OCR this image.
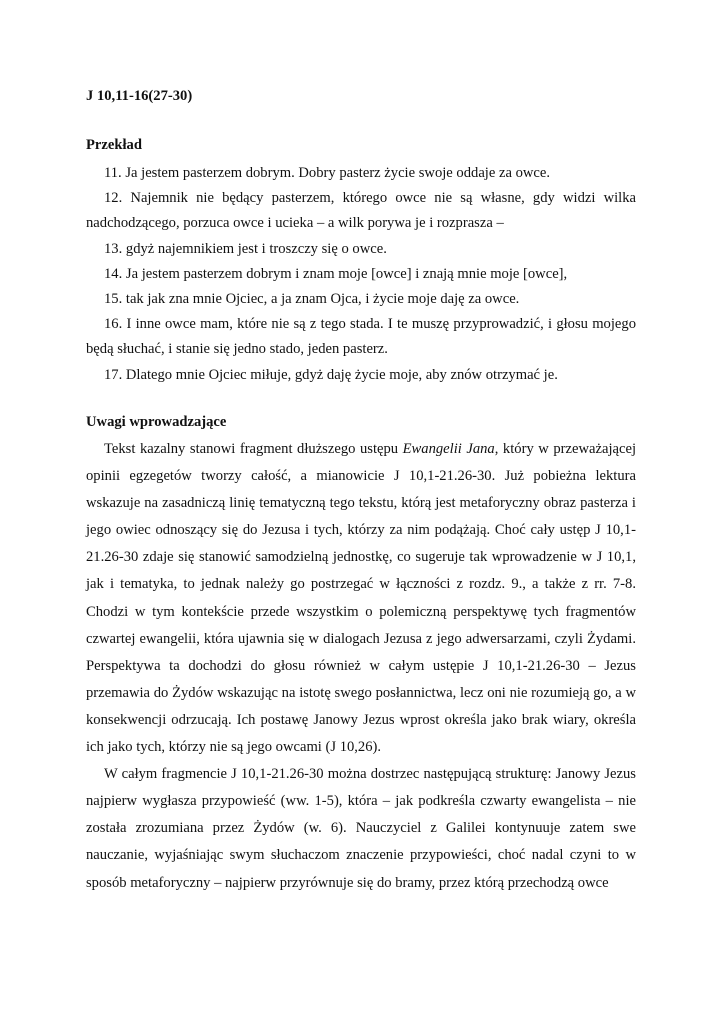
J 10,11-16(27-30)

Przekład

11. Ja jestem pasterzem dobrym. Dobry pasterz życie swoje oddaje za owce.

12. Najemnik nie będący pasterzem, którego owce nie są własne, gdy widzi wilka nadchodzącego, porzuca owce i ucieka – a wilk porywa je i rozprasza –

13. gdyż najemnikiem jest i troszczy się o owce.

14. Ja jestem pasterzem dobrym i znam moje [owce] i znają mnie moje [owce],

15. tak jak zna mnie Ojciec, a ja znam Ojca, i życie moje daję za owce.

16. I inne owce mam, które nie są z tego stada. I te muszę przyprowadzić, i głosu mojego będą słuchać, i stanie się jedno stado, jeden pasterz.

17. Dlatego mnie Ojciec miłuje, gdyż daję życie moje, aby znów otrzymać je.

Uwagi wprowadzające

Tekst kazalny stanowi fragment dłuższego ustępu Ewangelii Jana, który w przeważającej opinii egzegetów tworzy całość, a mianowicie J 10,1-21.26-30. Już pobieżna lektura wskazuje na zasadniczą linię tematyczną tego tekstu, którą jest metaforyczny obraz pasterza i jego owiec odnoszący się do Jezusa i tych, którzy za nim podążają. Choć cały ustęp J 10,1-21.26-30 zdaje się stanowić samodzielną jednostkę, co sugeruje tak wprowadzenie w J 10,1, jak i tematyka, to jednak należy go postrzegać w łączności z rozdz. 9., a także z rr. 7-8. Chodzi w tym kontekście przede wszystkim o polemiczną perspektywę tych fragmentów czwartej ewangelii, która ujawnia się w dialogach Jezusa z jego adwersarzami, czyli Żydami. Perspektywa ta dochodzi do głosu również w całym ustępie J 10,1-21.26-30 – Jezus przemawia do Żydów wskazując na istotę swego posłannictwa, lecz oni nie rozumieją go, a w konsekwencji odrzucają. Ich postawę Janowy Jezus wprost określa jako brak wiary, określa ich jako tych, którzy nie są jego owcami (J 10,26).

W całym fragmencie J 10,1-21.26-30 można dostrzec następującą strukturę: Janowy Jezus najpierw wygłasza przypowieść (ww. 1-5), która – jak podkreśla czwarty ewangelista – nie została zrozumiana przez Żydów (w. 6). Nauczyciel z Galilei kontynuuje zatem swe nauczanie, wyjaśniając swym słuchaczom znaczenie przypowieści, choć nadal czyni to w sposób metaforyczny – najpierw przyrównuje się do bramy, przez którą przechodzą owce
